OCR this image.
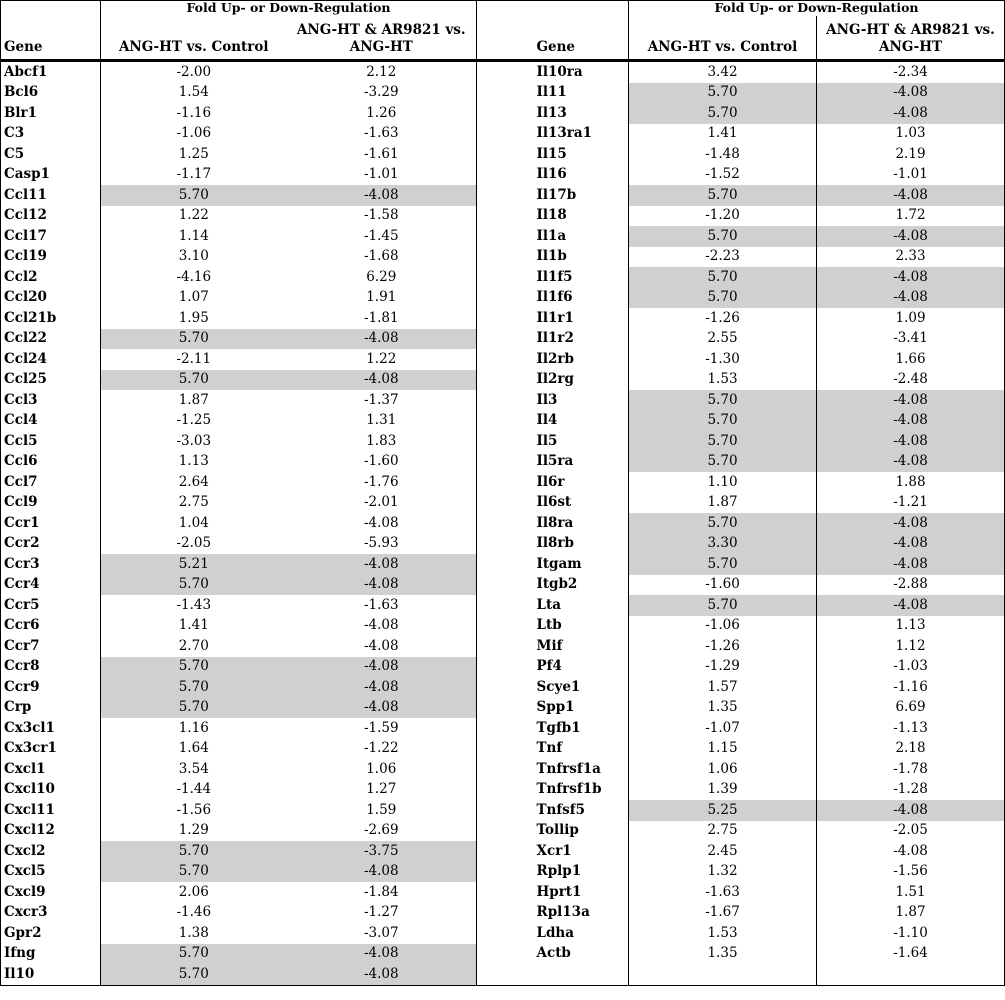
	Fold Up- or Down-Regulation				Fold Up- or Down-Regulation	
Gene	ANG-HT vs. Control	ANG-HT & AR9821 vs. ANG-HT		Gene	ANG-HT vs. Control	ANG-HT & AR9821 vs. ANG-HT
Abcf1	-2.00	2.12		Il10ra	3.42	-2.34
Bcl6	1.54	-3.29		Il11	5.70	-4.08
Blr1	-1.16	1.26		Il13	5.70	-4.08
C3	-1.06	-1.63		Il13ra1	1.41	1.03
C5	1.25	-1.61		Il15	-1.48	2.19
Casp1	-1.17	-1.01		Il16	-1.52	-1.01
Ccl11	5.70	-4.08		Il17b	5.70	-4.08
Ccl12	1.22	-1.58		Il18	-1.20	1.72
Ccl17	1.14	-1.45		Il1a	5.70	-4.08
Ccl19	3.10	-1.68		Il1b	-2.23	2.33
Ccl2	-4.16	6.29		Il1f5	5.70	-4.08
Ccl20	1.07	1.91		Il1f6	5.70	-4.08
Ccl21b	1.95	-1.81		Il1r1	-1.26	1.09
Ccl22	5.70	-4.08		Il1r2	2.55	-3.41
Ccl24	-2.11	1.22		Il2rb	-1.30	1.66
Ccl25	5.70	-4.08		Il2rg	1.53	-2.48
Ccl3	1.87	-1.37		Il3	5.70	-4.08
Ccl4	-1.25	1.31		Il4	5.70	-4.08
Ccl5	-3.03	1.83		Il5	5.70	-4.08
Ccl6	1.13	-1.60		Il5ra	5.70	-4.08
Ccl7	2.64	-1.76		Il6r	1.10	1.88
Ccl9	2.75	-2.01		Il6st	1.87	-1.21
Ccr1	1.04	-4.08		Il8ra	5.70	-4.08
Ccr2	-2.05	-5.93		Il8rb	3.30	-4.08
Ccr3	5.21	-4.08		Itgam	5.70	-4.08
Ccr4	5.70	-4.08		Itgb2	-1.60	-2.88
Ccr5	-1.43	-1.63		Lta	5.70	-4.08
Ccr6	1.41	-4.08		Ltb	-1.06	1.13
Ccr7	2.70	-4.08		Mif	-1.26	1.12
Ccr8	5.70	-4.08		Pf4	-1.29	-1.03
Ccr9	5.70	-4.08		Scye1	1.57	-1.16
Crp	5.70	-4.08		Spp1	1.35	6.69
Cx3cl1	1.16	-1.59		Tgfb1	-1.07	-1.13
Cx3cr1	1.64	-1.22		Tnf	1.15	2.18
Cxcl1	3.54	1.06		Tnfrsf1a	1.06	-1.78
Cxcl10	-1.44	1.27		Tnfrsf1b	1.39	-1.28
Cxcl11	-1.56	1.59		Tnfsf5	5.25	-4.08
Cxcl12	1.29	-2.69		Tollip	2.75	-2.05
Cxcl2	5.70	-3.75		Xcr1	2.45	-4.08
Cxcl5	5.70	-4.08		Rplp1	1.32	-1.56
Cxcl9	2.06	-1.84		Hprt1	-1.63	1.51
Cxcr3	-1.46	-1.27		Rpl13a	-1.67	1.87
Gpr2	1.38	-3.07		Ldha	1.53	-1.10
Ifng	5.70	-4.08		Actb	1.35	-1.64
Il10	5.70	-4.08				
